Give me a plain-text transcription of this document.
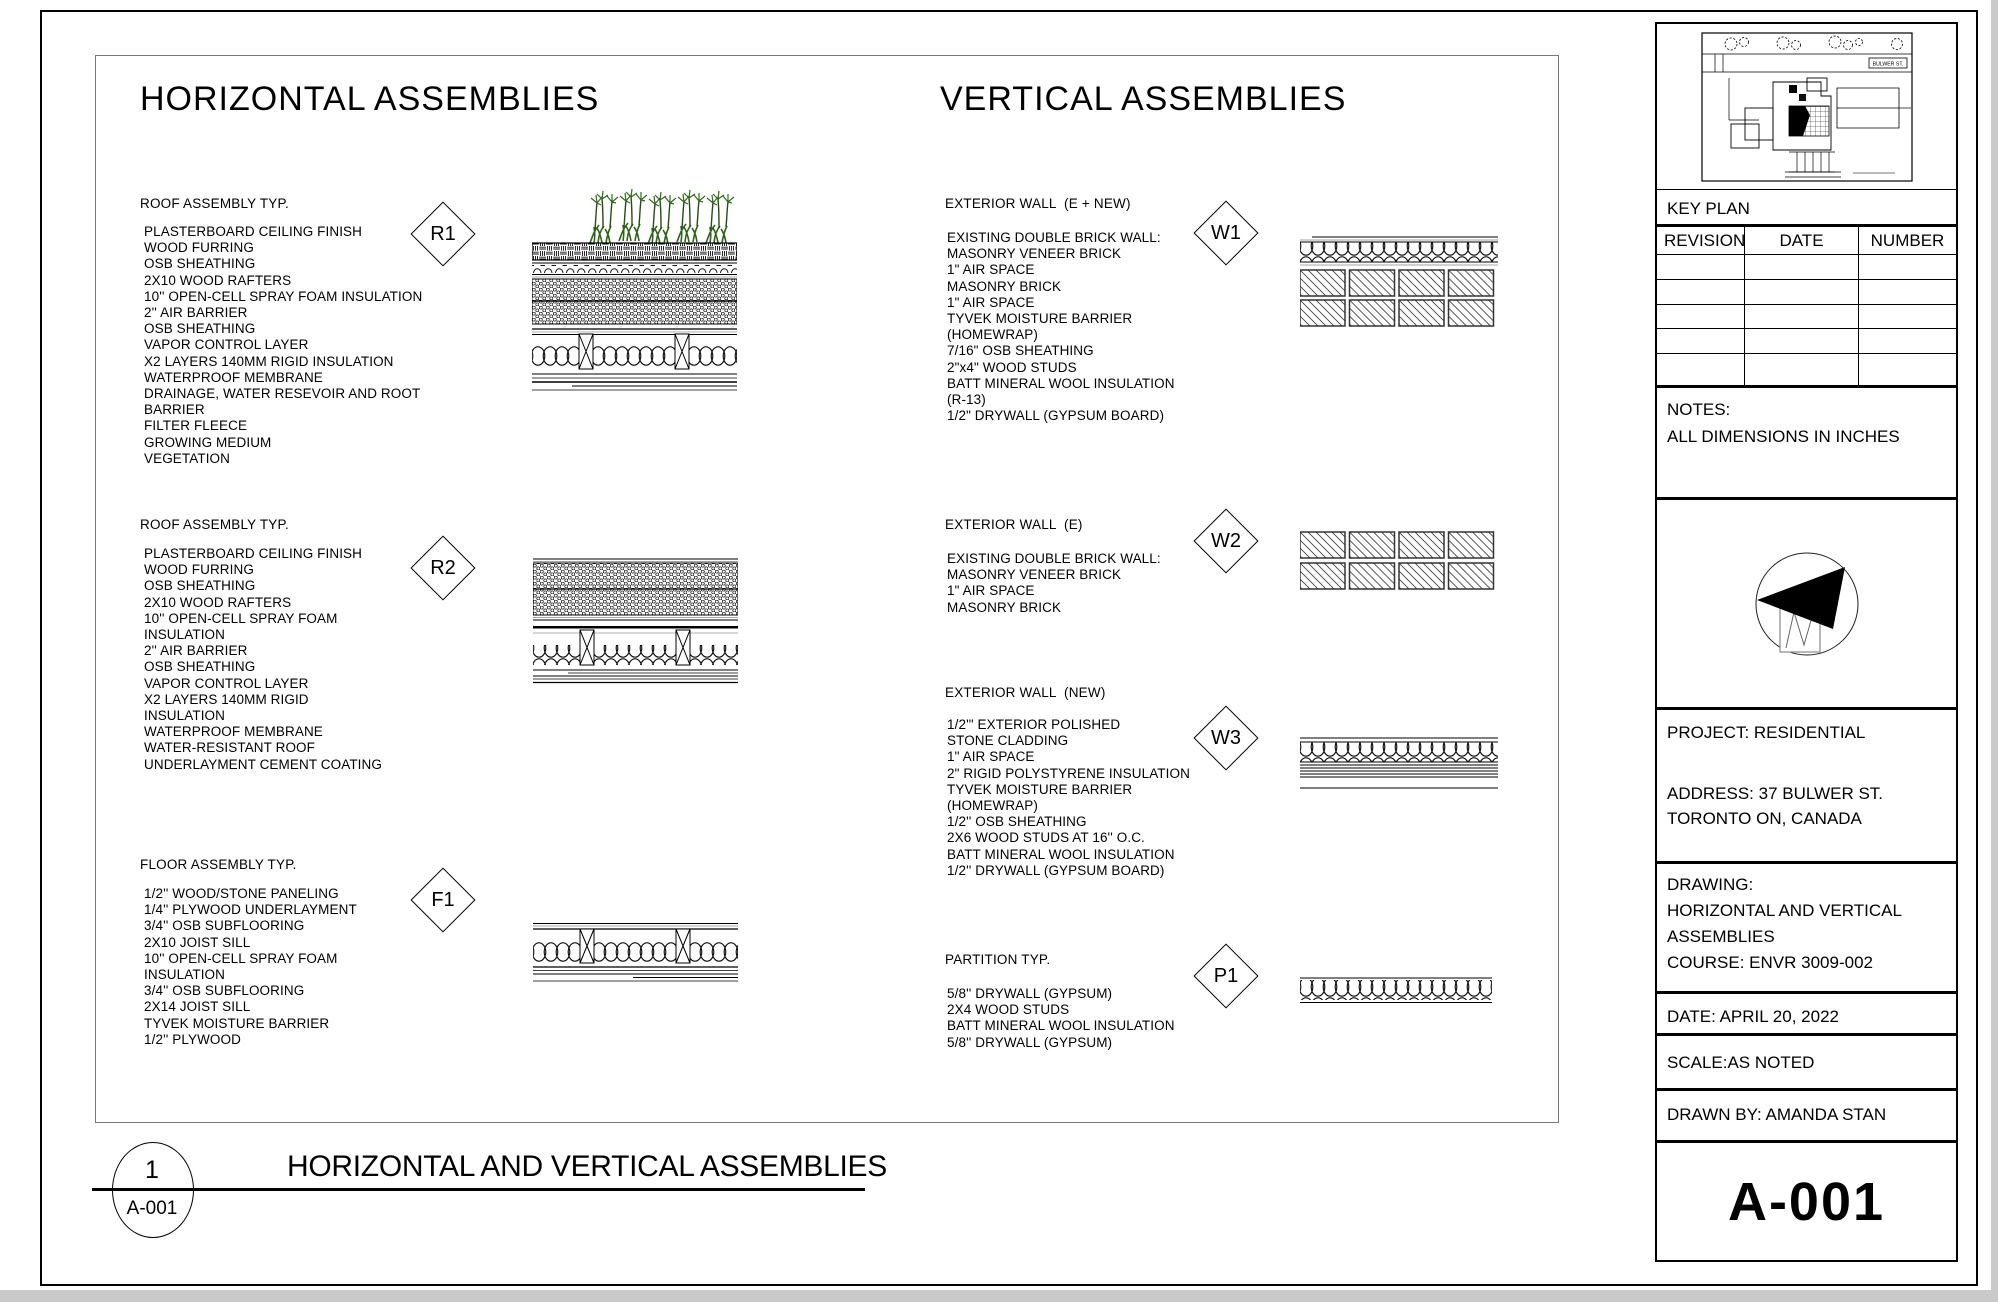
HORIZONTAL ASSEMBLIES	VERTICAL ASSEMBLIES
ROOF ASSEMBLY TYP.
PLASTERBOARD CEILING FINISH
WOOD FURRING
OSB SHEATHING
2X10 WOOD RAFTERS
10'' OPEN-CELL SPRAY FOAM INSULATION
2'' AIR BARRIER
OSB SHEATHING
VAPOR CONTROL LAYER
X2 LAYERS 140MM RIGID INSULATION
WATERPROOF MEMBRANE
DRAINAGE, WATER RESEVOIR AND ROOT
BARRIER
FILTER FLEECE
GROWING MEDIUM
VEGETATION
R1
ROOF ASSEMBLY TYP.
PLASTERBOARD CEILING FINISH
WOOD FURRING
OSB SHEATHING
2X10 WOOD RAFTERS
10'' OPEN-CELL SPRAY FOAM
INSULATION
2'' AIR BARRIER
OSB SHEATHING
VAPOR CONTROL LAYER
X2 LAYERS 140MM RIGID
INSULATION
WATERPROOF MEMBRANE
WATER-RESISTANT ROOF
UNDERLAYMENT CEMENT COATING
R2
FLOOR ASSEMBLY TYP.
1/2'' WOOD/STONE PANELING
1/4'' PLYWOOD UNDERLAYMENT
3/4'' OSB SUBFLOORING
2X10 JOIST SILL
10'' OPEN-CELL SPRAY FOAM
INSULATION
3/4'' OSB SUBFLOORING
2X14 JOIST SILL
TYVEK MOISTURE BARRIER
1/2'' PLYWOOD
F1
EXTERIOR WALL  (E + NEW)
EXISTING DOUBLE BRICK WALL:
MASONRY VENEER BRICK
1" AIR SPACE
MASONRY BRICK
1" AIR SPACE
TYVEK MOISTURE BARRIER
(HOMEWRAP)
7/16" OSB SHEATHING
2"x4" WOOD STUDS
BATT MINERAL WOOL INSULATION
(R-13)
1/2" DRYWALL (GYPSUM BOARD)
W1
EXTERIOR WALL  (E)
EXISTING DOUBLE BRICK WALL:
MASONRY VENEER BRICK
1" AIR SPACE
MASONRY BRICK
W2
EXTERIOR WALL  (NEW)
1/2'" EXTERIOR POLISHED
STONE CLADDING
1" AIR SPACE
2" RIGID POLYSTYRENE INSULATION
TYVEK MOISTURE BARRIER
(HOMEWRAP)
1/2'' OSB SHEATHING
2X6 WOOD STUDS AT 16'' O.C.
BATT MINERAL WOOL INSULATION
1/2'' DRYWALL (GYPSUM BOARD)
W3
PARTITION TYP.
5/8'' DRYWALL (GYPSUM)
2X4 WOOD STUDS
BATT MINERAL WOOL INSULATION
5/8'' DRYWALL (GYPSUM)
P1
1
A-001
HORIZONTAL AND VERTICAL ASSEMBLIES
BULWER ST.
KEY PLAN
REVISION	DATE	NUMBER
NOTES:
ALL DIMENSIONS IN INCHES
PROJECT: RESIDENTIAL
ADDRESS: 37 BULWER ST. TORONTO ON, CANADA
DRAWING:
HORIZONTAL AND VERTICAL ASSEMBLIES
COURSE: ENVR 3009-002
DATE: APRIL 20, 2022
SCALE:AS NOTED
DRAWN BY: AMANDA STAN
A-001
